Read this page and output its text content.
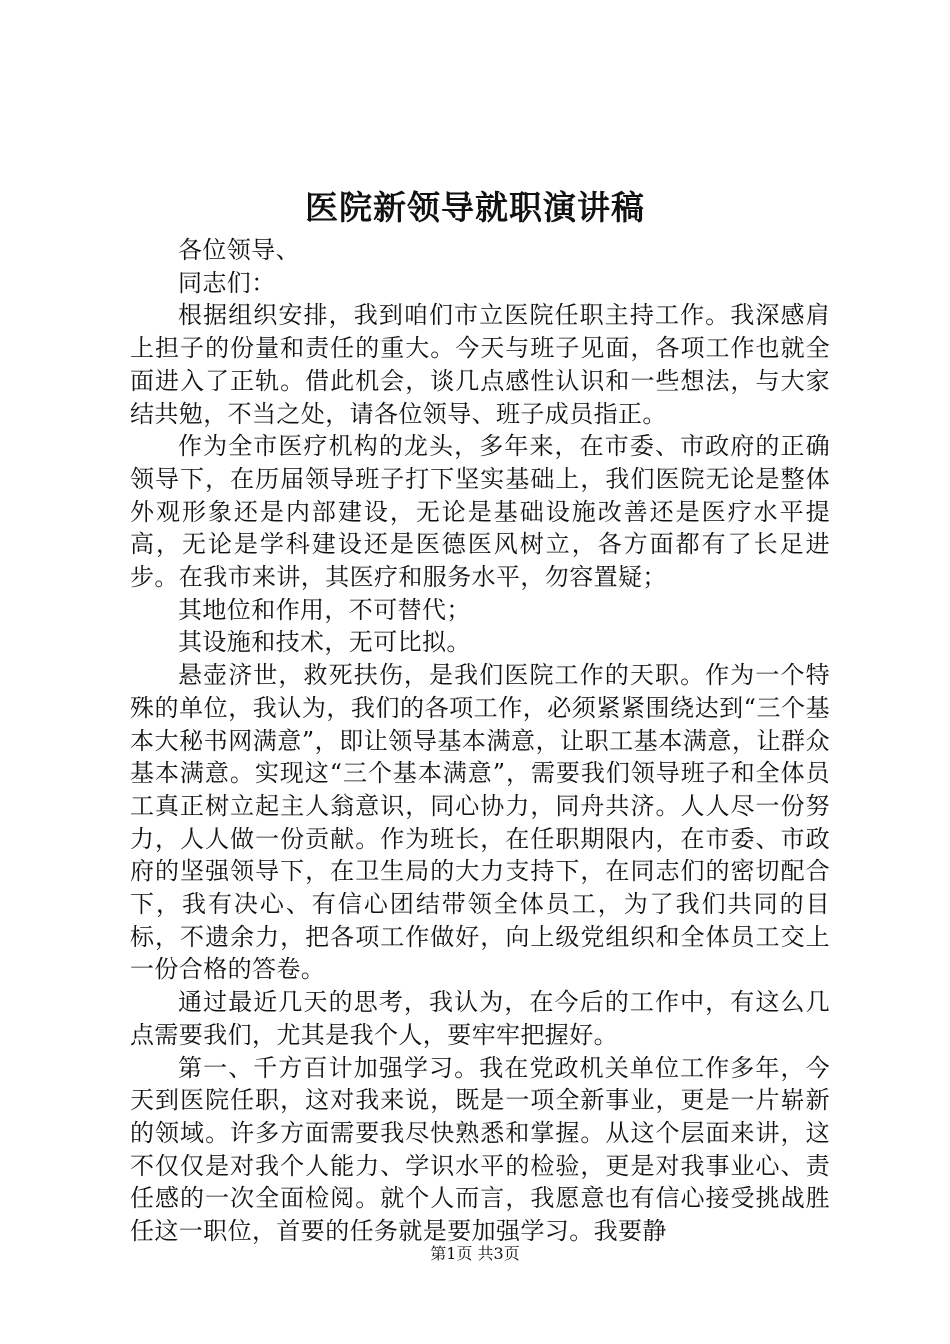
医院新领导就职演讲稿

各位领导、

同志们：

根据组织安排，我到咱们市立医院任职主持工作。我深感肩上担子的份量和责任的重大。今天与班子见面，各项工作也就全面进入了正轨。借此机会，谈几点感性认识和一些想法，与大家结共勉，不当之处，请各位领导、班子成员指正。

作为全市医疗机构的龙头，多年来，在市委、市政府的正确领导下，在历届领导班子打下坚实基础上，我们医院无论是整体外观形象还是内部建设，无论是基础设施改善还是医疗水平提高，无论是学科建设还是医德医风树立，各方面都有了长足进步。在我市来讲，其医疗和服务水平，勿容置疑；

其地位和作用，不可替代；

其设施和技术，无可比拟。

悬壶济世，救死扶伤，是我们医院工作的天职。作为一个特殊的单位，我认为，我们的各项工作，必须紧紧围绕达到“三个基本大秘书网满意”，即让领导基本满意，让职工基本满意，让群众基本满意。实现这“三个基本满意”，需要我们领导班子和全体员工真正树立起主人翁意识，同心协力，同舟共济。人人尽一份努力，人人做一份贡献。作为班长，在任职期限内，在市委、市政府的坚强领导下，在卫生局的大力支持下，在同志们的密切配合下，我有决心、有信心团结带领全体员工，为了我们共同的目标，不遗余力，把各项工作做好，向上级党组织和全体员工交上一份合格的答卷。

通过最近几天的思考，我认为，在今后的工作中，有这么几点需要我们，尤其是我个人，要牢牢把握好。

第一、千方百计加强学习。我在党政机关单位工作多年，今天到医院任职，这对我来说，既是一项全新事业，更是一片崭新的领域。许多方面需要我尽快熟悉和掌握。从这个层面来讲，这不仅仅是对我个人能力、学识水平的检验，更是对我事业心、责任感的一次全面检阅。就个人而言，我愿意也有信心接受挑战胜任这一职位，首要的任务就是要加强学习。我要静

第1页 共3页
